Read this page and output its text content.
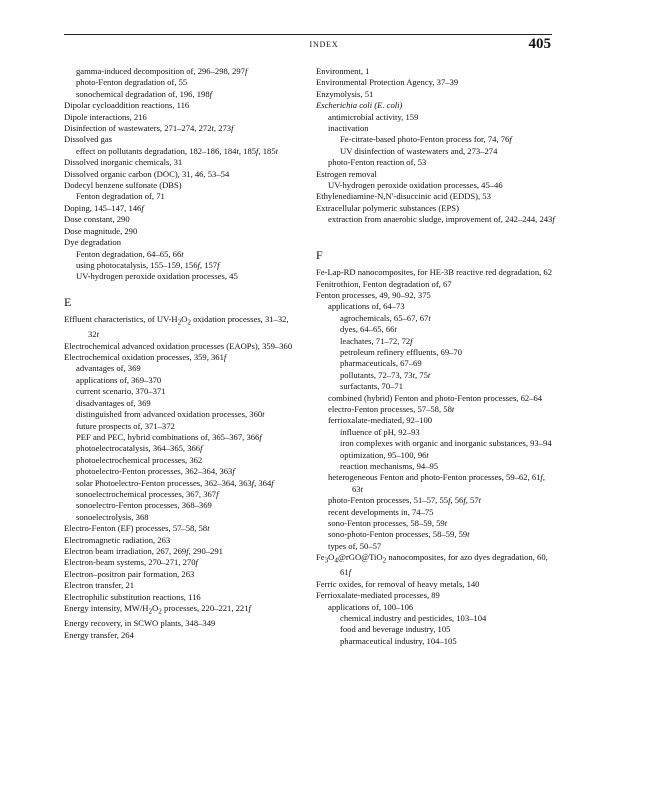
INDEX	405
gamma-induced decomposition of, 296–298, 297f
photo-Fenton degradation of, 55
sonochemical degradation of, 196, 198f
Dipolar cycloaddition reactions, 116
Dipole interactions, 216
Disinfection of wastewaters, 271–274, 272t, 273f
Dissolved gas
effect on pollutants degradation, 182–186, 184t, 185f, 185t
Dissolved inorganic chemicals, 31
Dissolved organic carbon (DOC), 31, 46, 53–54
Dodecyl benzene sulfonate (DBS)
Fenton degradation of, 71
Doping, 145–147, 146f
Dose constant, 290
Dose magnitude, 290
Dye degradation
Fenton degradation, 64–65, 66t
using photocatalysis, 155–159, 156f, 157f
UV-hydrogen peroxide oxidation processes, 45
E
Effluent characteristics, of $UV-H_2O_2$ oxidation processes, 31–32, 32t
Electrochemical advanced oxidation processes (EAOPs), 359–360
Electrochemical oxidation processes, 359, 361f
advantages of, 369
applications of, 369–370
current scenario, 370–371
disadvantages of, 369
distinguished from advanced oxidation processes, 360t
future prospects of, 371–372
PEF and PEC, hybrid combinations of, 365–367, 366f
photoelectrocatalysis, 364–365, 366f
photoelectrochemical processes, 362
photoelectro-Fenton processes, 362–364, 363f
solar Photoelectro-Fenton processes, 362–364, 363f, 364f
sonoelectrochemical processes, 367, 367f
sonoelectro-Fenton processes, 368–369
sonoelectrolysis, 368
Electro-Fenton (EF) processes, 57–58, 58t
Electromagnetic radiation, 263
Electron beam irradiation, 267, 269f, 290–291
Electron-beam systems, 270–271, 270f
Electron–positron pair formation, 263
Electron transfer, 21
Electrophilic substitution reactions, 116
Energy intensity, $MW/H_2O_2$ processes, 220–221, 221f
Energy recovery, in SCWO plants, 348–349
Energy transfer, 264
Environment, 1
Environmental Protection Agency, 37–39
Enzymolysis, 51
Escherichia coli (E. coli)
antimicrobial activity, 159
inactivation
Fe-citrate-based photo-Fenton process for, 74, 76f
UV disinfection of wastewaters and, 273–274
photo-Fenton reaction of, 53
Estrogen removal
UV-hydrogen peroxide oxidation processes, 45–46
Ethylenediamine-N,N′-disuccinic acid (EDDS), 53
Extracellular polymeric substances (EPS)
extraction from anaerobic sludge, improvement of, 242–244, 243f
F
Fe-Lap-RD nanocomposites, for HE-3B reactive red degradation, 62
Fenitrothion, Fenton degradation of, 67
Fenton processes, 49, 90–92, 375
applications of, 64–73
agrochemicals, 65–67, 67t
dyes, 64–65, 66t
leachates, 71–72, 72f
petroleum refinery effluents, 69–70
pharmaceuticals, 67–69
pollutants, 72–73, 73t, 75t
surfactants, 70–71
combined (hybrid) Fenton and photo-Fenton processes, 62–64
electro-Fenton processes, 57–58, 58t
ferrioxalate-mediated, 92–100
influence of pH, 92–93
iron complexes with organic and inorganic substances, 93–94
optimization, 95–100, 96t
reaction mechanisms, 94–95
heterogeneous Fenton and photo-Fenton processes, 59–62, 61f, 63t
photo-Fenton processes, 51–57, 55f, 56f, 57t
recent developments in, 74–75
sono-Fenton processes, 58–59, 59t
sono-photo-Fenton processes, 58–59, 59t
types of, 50–57
$Fe_3O_4@rGO@TiO_2$ nanocomposites, for azo dyes degradation, 60, 61f
Ferric oxides, for removal of heavy metals, 140
Ferrioxalate-mediated processes, 89
applications of, 100–106
chemical industry and pesticides, 103–104
food and beverage industry, 105
pharmaceutical industry, 104–105
